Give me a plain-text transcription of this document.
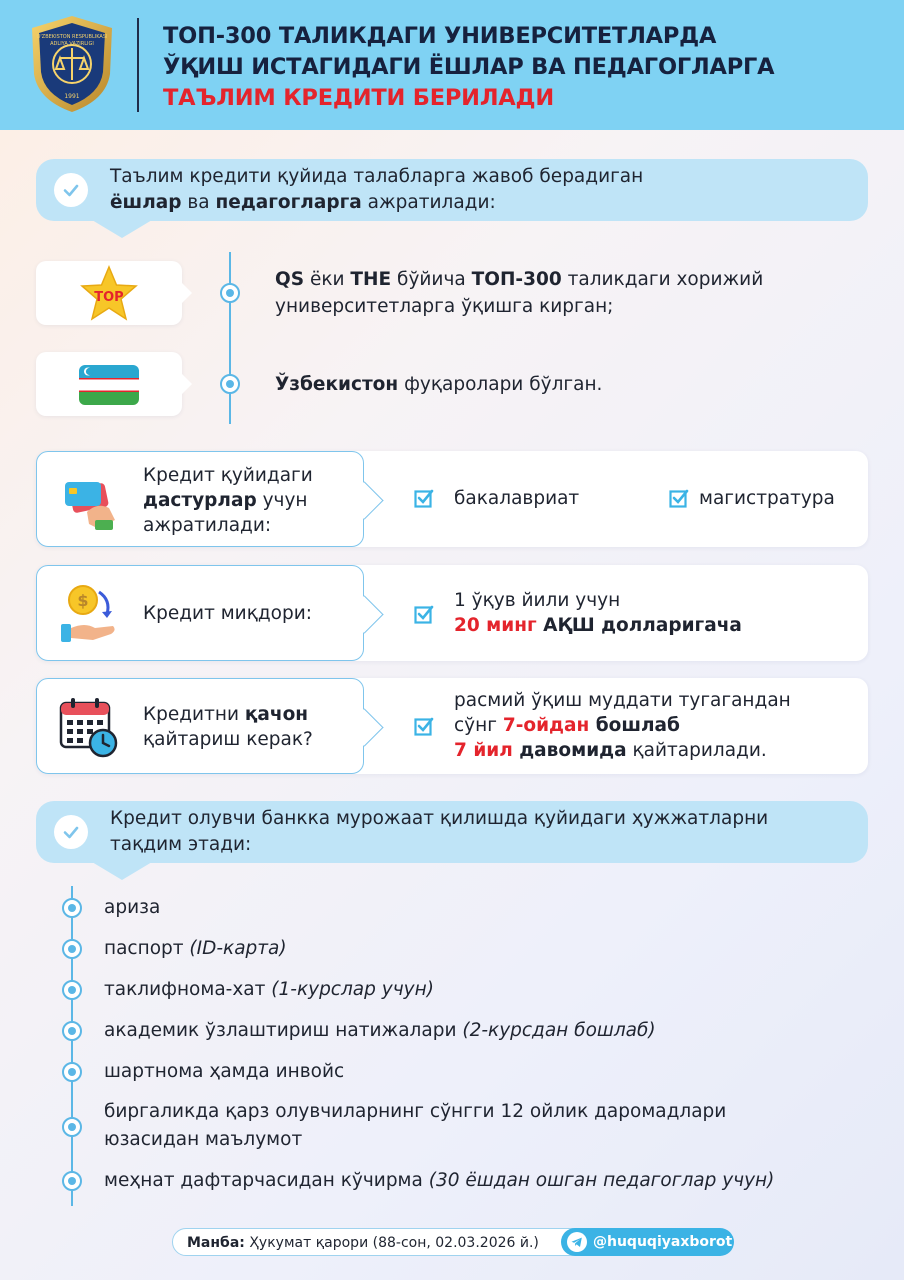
O'ZBEKISTON RESPUBLIKASI
ADLIYA VAZIRLIGI
1991
ТОП-300 ТАЛИКДАГИ УНИВЕРСИТЕТЛАРДА
ЎҚИШ ИСТАГИДАГИ ЁШЛАР ВА ПЕДАГОГЛАРГА
ТАЪЛИМ КРЕДИТИ БЕРИЛАДИ
Таълим кредити қуйида талабларга жавоб берадиган
ёшлар ва педагогларга ажратилади:
TOP
QS ёки THE бўйича ТОП-300 таликдаги хорижий
университетларга ўқишга кирган;
Ўзбекистон фуқаролари бўлган.
Кредит қуйидаги
дастурлар учун
ажратилади:
бакалавриат	магистратура
$
Кредит миқдори:
1 ўқув йили учун
20 минг АҚШ долларигача
Кредитни қачон
қайтариш керак?
расмий ўқиш муддати тугагандан
сўнг 7-ойдан бошлаб
7 йил давомида қайтарилади.
Кредит олувчи банкка мурожаат қилишда қуйидаги ҳужжатларни
тақдим этади:
ариза
паспорт (ID-карта)
таклифнома-хат (1-курслар учун)
академик ўзлаштириш натижалари (2-курсдан бошлаб)
шартнома ҳамда инвойс
биргаликда қарз олувчиларнинг сўнгги 12 ойлик даромадлари
юзасидан маълумот
меҳнат дафтарчасидан кўчирма (30 ёшдан ошган педагоглар учун)
Манба: Ҳукумат қарори (88-сон, 02.03.2026 й.)	@huquqiyaxborot
